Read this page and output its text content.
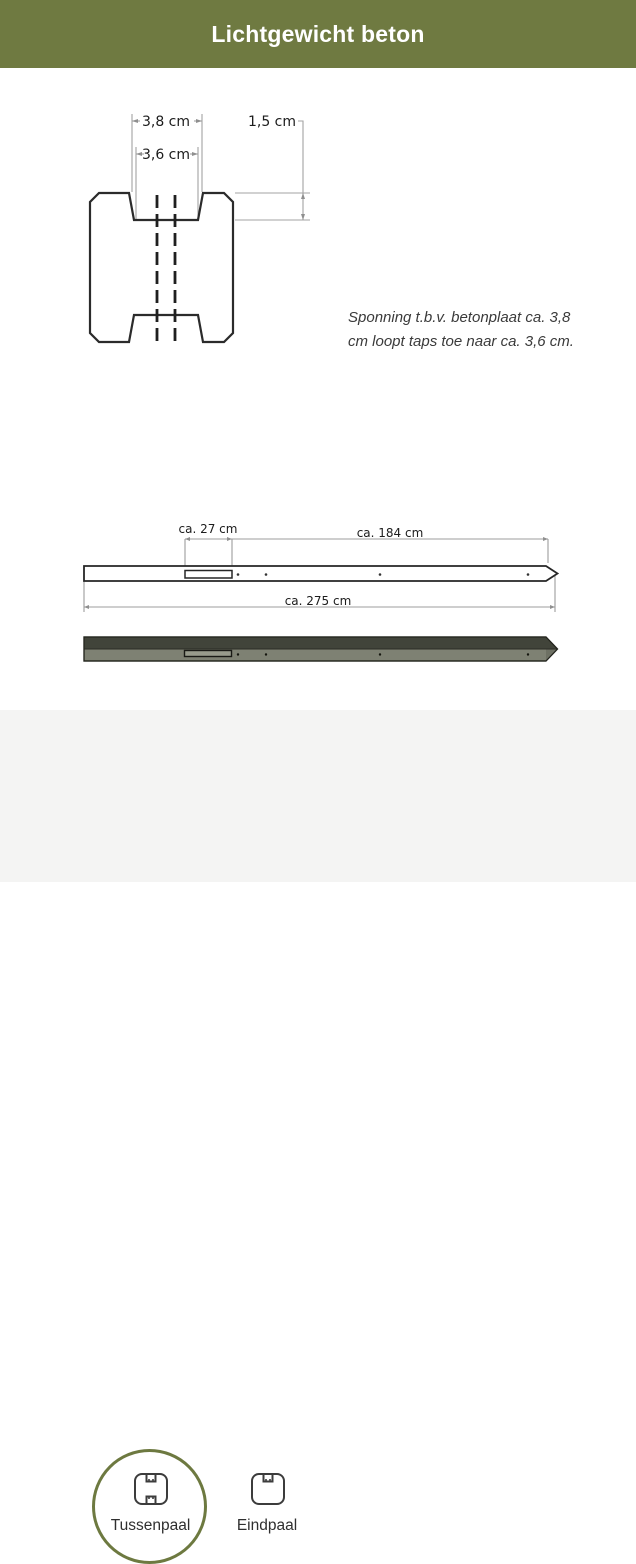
Lichtgewicht beton
3,8 cm
3,6 cm
1,5 cm
Sponning t.b.v. betonplaat ca. 3,8
cm loopt taps toe naar ca. 3,6 cm.
ca. 27 cm	ca. 184 cm
ca. 275 cm
Tussenpaal	Eindpaal
